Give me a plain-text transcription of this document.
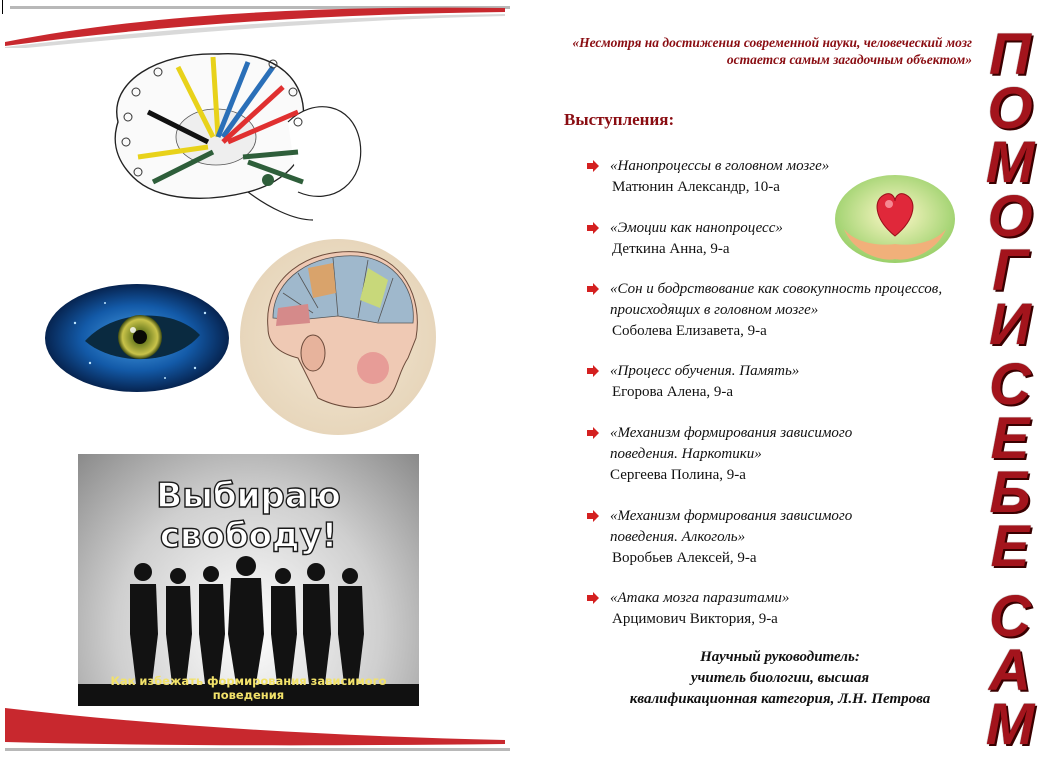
Выбираю свободу!
Как избежать формирования зависимого поведения
«Несмотря на достижения современной науки, человеческий мозг остается самым загадочным объектом»
Выступления:
«Нанопроцессы в головном мозге»
Матюнин Александр, 10-а
«Эмоции как нанопроцесс»
Деткина Анна, 9-а
«Сон и бодрствование как совокупность процессов, происходящих в головном мозге»
Соболева Елизавета, 9-а
«Процесс обучения. Память»
Егорова Алена, 9-а
«Механизм формирования зависимого поведения. Наркотики»
Сергеева Полина, 9-а
«Механизм формирования зависимого поведения. Алкоголь»
Воробьев Алексей, 9-а
«Атака мозга паразитами»
Арцимович Виктория, 9-а
Научный руководитель:
учитель биологии, высшая
квалификационная категория, Л.Н. Петрова
П
О
М
О
Г
И
С
Е
Б
Е
С
А
М
